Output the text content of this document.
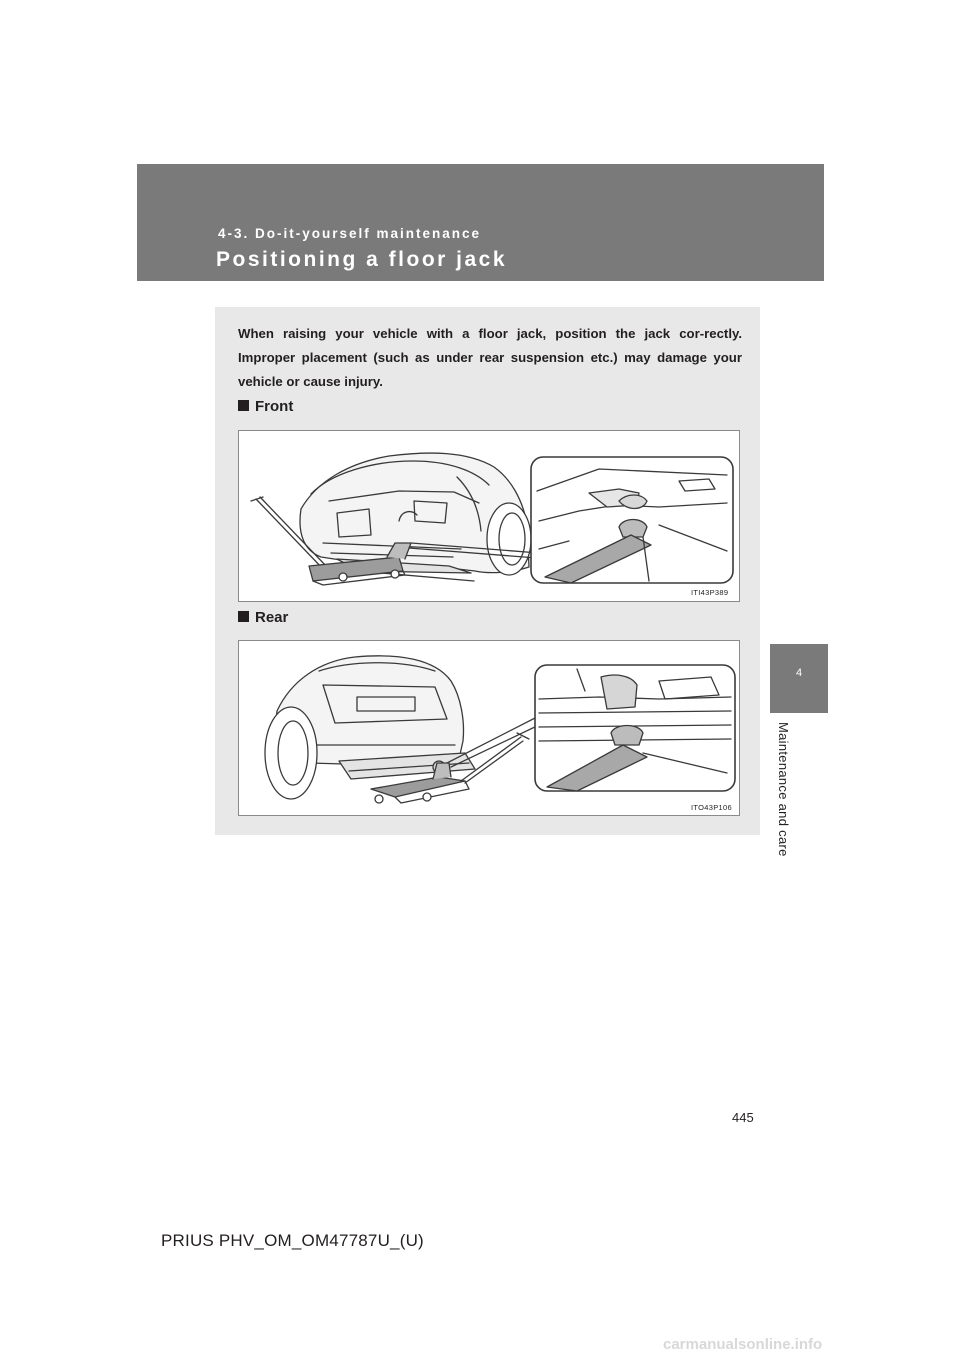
4-3. Do-it-yourself maintenance
Positioning a floor jack
4
Maintenance and care
When raising your vehicle with a floor jack, position the jack cor-rectly. Improper placement (such as under rear suspension etc.) may damage your vehicle or cause injury.
Front
ITI43P389
Rear
ITO43P106
445
PRIUS PHV_OM_OM47787U_(U)
carmanualsonline.info
